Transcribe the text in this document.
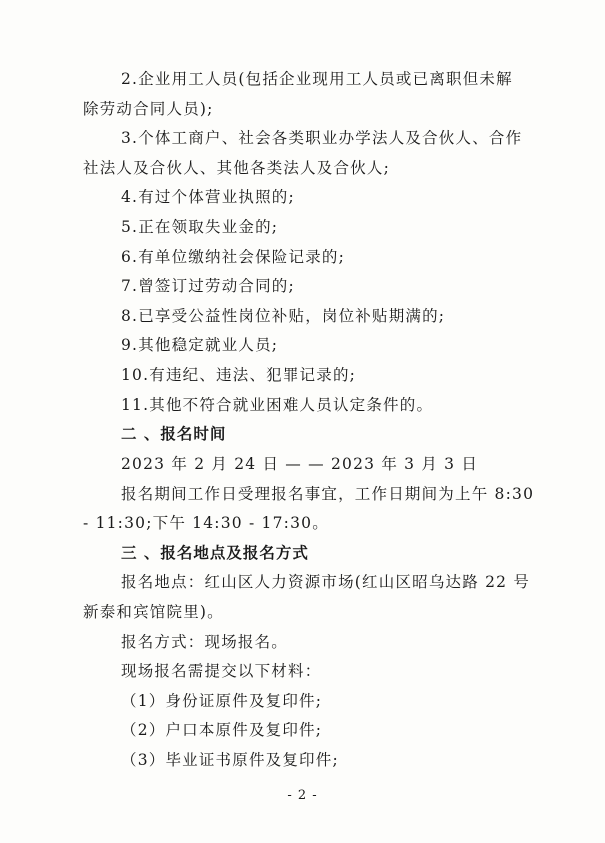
2.企业用工人员(包括企业现用工人员或已离职但未解
除劳动合同人员);
3.个体工商户、社会各类职业办学法人及合伙人、合作
社法人及合伙人、其他各类法人及合伙人;
4.有过个体营业执照的;
5.正在领取失业金的;
6.有单位缴纳社会保险记录的;
7.曾签订过劳动合同的;
8.已享受公益性岗位补贴，岗位补贴期满的;
9.其他稳定就业人员;
10.有违纪、违法、犯罪记录的;
11.其他不符合就业困难人员认定条件的。
二 、报名时间
2023 年 2 月 24 日 — — 2023 年 3 月 3 日
报名期间工作日受理报名事宜，工作日期间为上午 8:30
- 11:30;下午 14:30 - 17:30。
三 、报名地点及报名方式
报名地点：红山区人力资源市场(红山区昭乌达路 22 号
新泰和宾馆院里)。
报名方式：现场报名。
现场报名需提交以下材料：
（1）身份证原件及复印件;
（2）户口本原件及复印件;
（3）毕业证书原件及复印件;
- 2 -
